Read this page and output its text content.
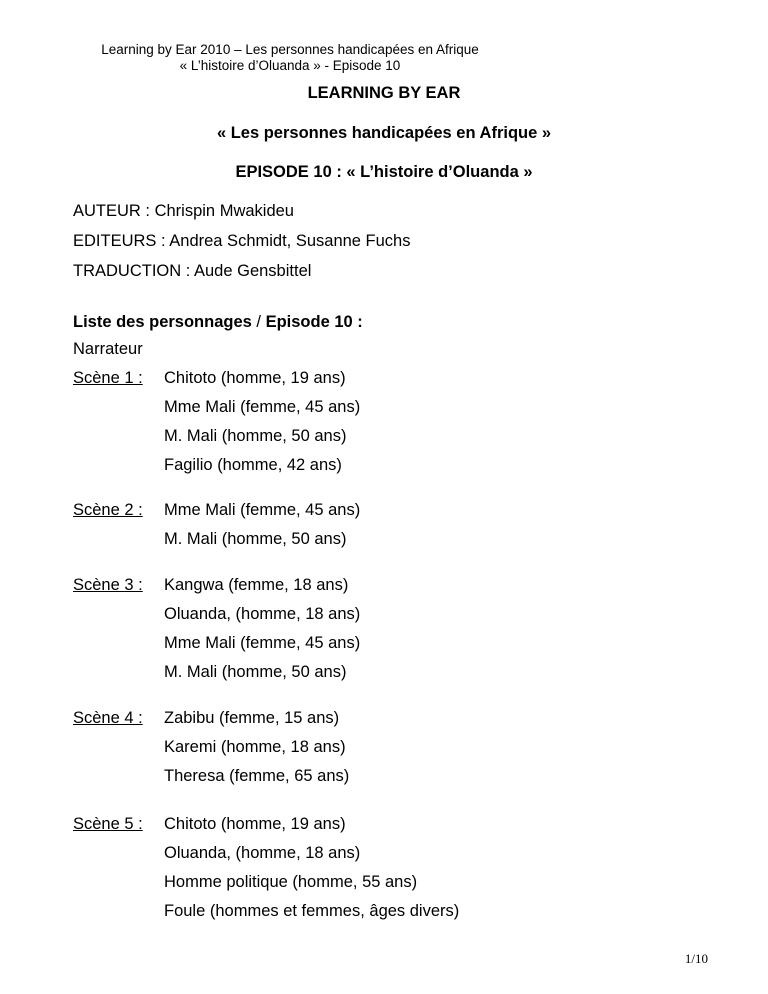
Learning by Ear 2010 – Les personnes handicapées en Afrique
« L’histoire d’Oluanda » - Episode 10
LEARNING BY EAR
« Les personnes handicapées en Afrique »
EPISODE 10 : « L’histoire d’Oluanda »
AUTEUR : Chrispin Mwakideu
EDITEURS : Andrea Schmidt, Susanne Fuchs
TRADUCTION : Aude Gensbittel
Liste des personnages / Episode 10 :
Narrateur
Scène 1 : Chitoto (homme, 19 ans)
Mme Mali (femme, 45 ans)
M. Mali (homme, 50 ans)
Fagilio (homme, 42 ans)
Scène 2 : Mme Mali (femme, 45 ans)
M. Mali (homme, 50 ans)
Scène 3 : Kangwa (femme, 18 ans)
Oluanda, (homme, 18 ans)
Mme Mali (femme, 45 ans)
M. Mali (homme, 50 ans)
Scène 4 : Zabibu (femme, 15 ans)
Karemi (homme, 18 ans)
Theresa (femme, 65 ans)
Scène 5 : Chitoto (homme, 19 ans)
Oluanda, (homme, 18 ans)
Homme politique (homme, 55 ans)
Foule (hommes et femmes, âges divers)
1/10
